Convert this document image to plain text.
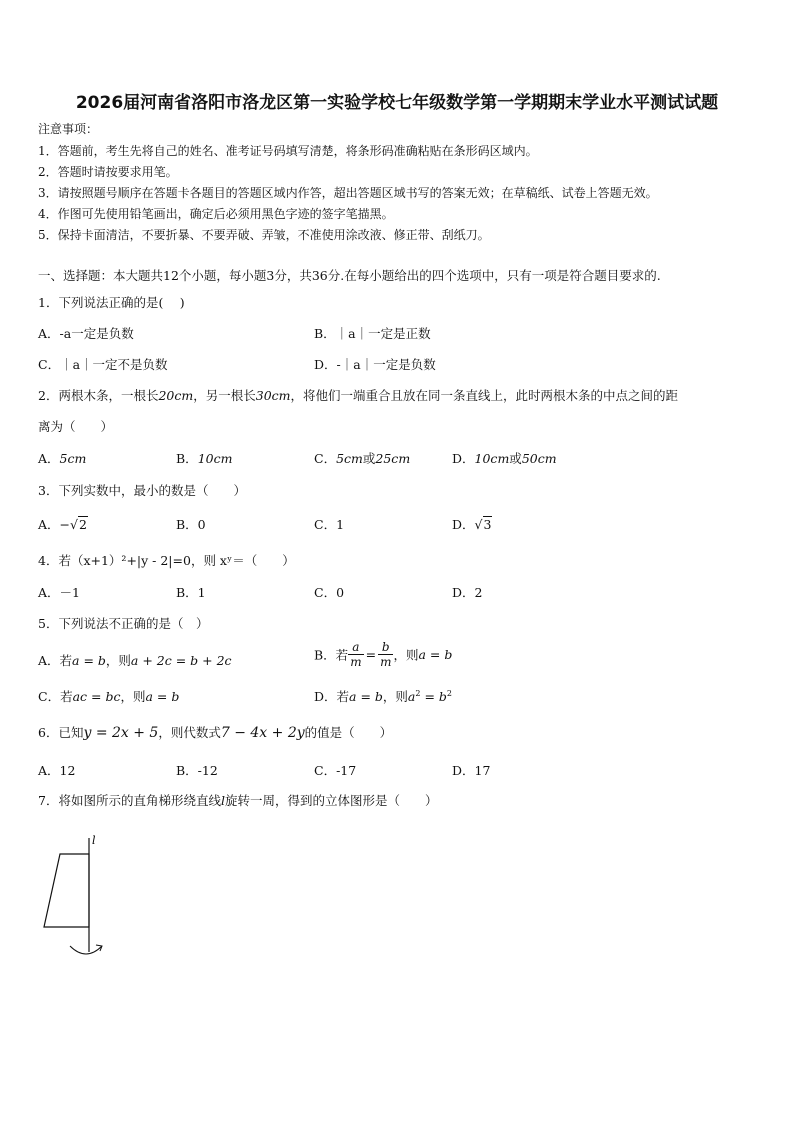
2026届河南省洛阳市洛龙区第一实验学校七年级数学第一学期期末学业水平测试试题
注意事项：
1．答题前，考生先将自己的姓名、准考证号码填写清楚，将条形码准确粘贴在条形码区域内。
2．答题时请按要求用笔。
3．请按照题号顺序在答题卡各题目的答题区域内作答，超出答题区域书写的答案无效；在草稿纸、试卷上答题无效。
4．作图可先使用铅笔画出，确定后必须用黑色字迹的签字笔描黑。
5．保持卡面清洁，不要折暴、不要弄破、弄皱，不准使用涂改液、修正带、刮纸刀。
一、选择题：本大题共12个小题，每小题3分，共36分.在每小题给出的四个选项中，只有一项是符合题目要求的.
1．下列说法正确的是(　 )
A．-a一定是负数	B．｜a｜一定是正数
C．｜a｜一定不是负数	D．-｜a｜一定是负数
2．两根木条，一根长20cm，另一根长30cm，将他们一端重合且放在同一条直线上，此时两根木条的中点之间的距
离为（　　）
A．5cm	B．10cm	C．5cm或25cm	D．10cm或50cm
3．下列实数中，最小的数是（　　）
A．−√2	B．0	C．1	D．√3
4．若（x+1）²+|y - 2|=0，则 xʸ＝（　　）
A．－1	B．1	C．0	D．2
5．下列说法不正确的是（　）
A．若a = b，则a + 2c = b + 2c	B．若 $\frac{a}{m} = \frac{b}{m}$ ，则a = b
C．若ac = bc，则a = b	D．若a = b，则$a^2 = b^2$
6．已知y = 2x + 5，则代数式7 − 4x + 2y的值是（　　）
A．12	B．-12	C．-17	D．17
7．将如图所示的直角梯形绕直线l旋转一周，得到的立体图形是（　　）
l
